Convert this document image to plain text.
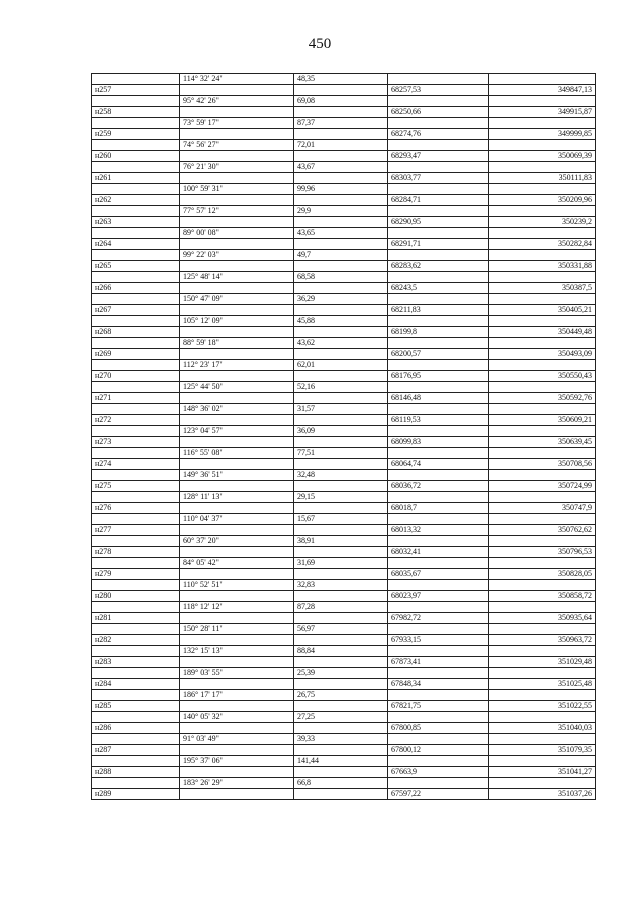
450
	114° 32' 24"	48,35		
н257			68257,53	349847,13
	95° 42' 26"	69,08		
н258			68250,66	349915,87
	73° 59' 17"	87,37		
н259			68274,76	349999,85
	74° 56' 27"	72,01		
н260			68293,47	350069,39
	76° 21' 30"	43,67		
н261			68303,77	350111,83
	100° 59' 31"	99,96		
н262			68284,71	350209,96
	77° 57' 12"	29,9		
н263			68290,95	350239,2
	89° 00' 08"	43,65		
н264			68291,71	350282,84
	99° 22' 03"	49,7		
н265			68283,62	350331,88
	125° 48' 14"	68,58		
н266			68243,5	350387,5
	150° 47' 09"	36,29		
н267			68211,83	350405,21
	105° 12' 09"	45,88		
н268			68199,8	350449,48
	88° 59' 18"	43,62		
н269			68200,57	350493,09
	112° 23' 17"	62,01		
н270			68176,95	350550,43
	125° 44' 50"	52,16		
н271			68146,48	350592,76
	148° 36' 02"	31,57		
н272			68119,53	350609,21
	123° 04' 57"	36,09		
н273			68099,83	350639,45
	116° 55' 08"	77,51		
н274			68064,74	350708,56
	149° 36' 51"	32,48		
н275			68036,72	350724,99
	128° 11' 13"	29,15		
н276			68018,7	350747,9
	110° 04' 37"	15,67		
н277			68013,32	350762,62
	60° 37' 20"	38,91		
н278			68032,41	350796,53
	84° 05' 42"	31,69		
н279			68035,67	350828,05
	110° 52' 51"	32,83		
н280			68023,97	350858,72
	118° 12' 12"	87,28		
н281			67982,72	350935,64
	150° 28' 11"	56,97		
н282			67933,15	350963,72
	132° 15' 13"	88,84		
н283			67873,41	351029,48
	189° 03' 55"	25,39		
н284			67848,34	351025,48
	186° 17' 17"	26,75		
н285			67821,75	351022,55
	140° 05' 32"	27,25		
н286			67800,85	351040,03
	91° 03' 49"	39,33		
н287			67800,12	351079,35
	195° 37' 06"	141,44		
н288			67663,9	351041,27
	183° 26' 29"	66,8		
н289			67597,22	351037,26
